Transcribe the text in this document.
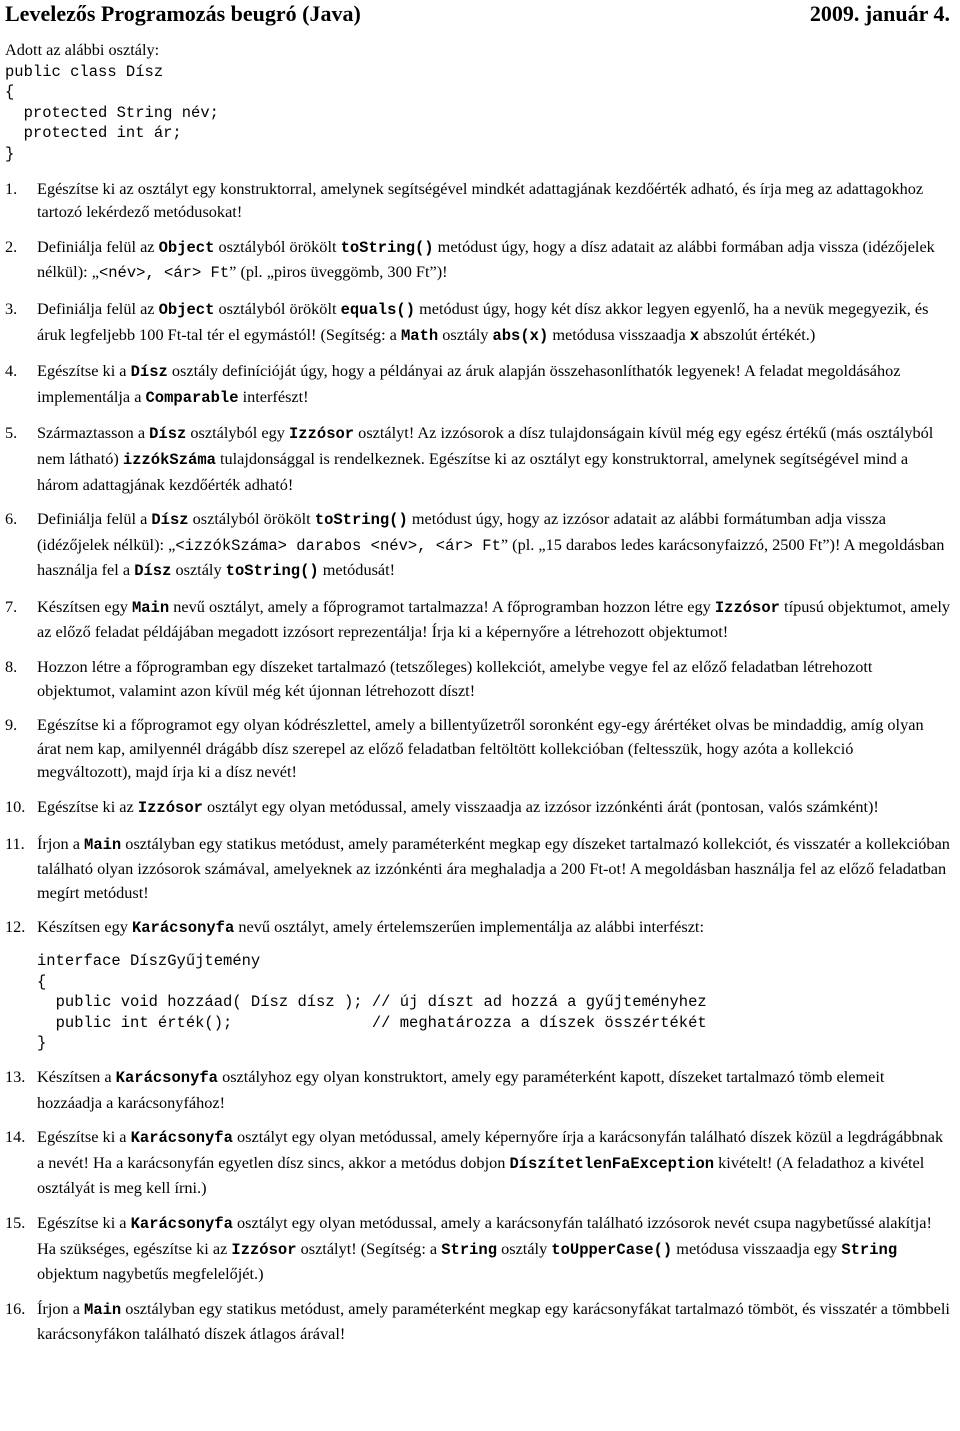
Levelezős Programozás beugró (Java)	2009. január 4.
Adott az alábbi osztály:
public class Dísz
{
protected String név;
protected int ár;
}
1. Egészítse ki az osztályt egy konstruktorral, amelynek segítségével mindkét adattagjának kezdőérték adható, és írja meg az adattagokhoz tartozó lekérdező metódusokat!
2. Definiálja felül az Object osztályból örökölt toString() metódust úgy, hogy a dísz adatait az alábbi formában adja vissza (idézőjelek nélkül): „<név>, <ár> Ft” (pl. „piros üveggömb, 300 Ft”)!
3. Definiálja felül az Object osztályból örökölt equals() metódust úgy, hogy két dísz akkor legyen egyenlő, ha a nevük megegyezik, és áruk legfeljebb 100 Ft-tal tér el egymástól! (Segítség: a Math osztály abs(x) metódusa visszaadja x abszolút értékét.)
4. Egészítse ki a Dísz osztály definícióját úgy, hogy a példányai az áruk alapján összehasonlíthatók legyenek! A feladat megoldásához implementálja a Comparable interfészt!
5. Származtasson a Dísz osztályból egy Izzósor osztályt! Az izzósorok a dísz tulajdonságain kívül még egy egész értékű (más osztályból nem látható) izzókSzáma tulajdonsággal is rendelkeznek. Egészítse ki az osztályt egy konstruktorral, amelynek segítségével mind a három adattagjának kezdőérték adható!
6. Definiálja felül a Dísz osztályból örökölt toString() metódust úgy, hogy az izzósor adatait az alábbi formátumban adja vissza (idézőjelek nélkül): „<izzókSzáma> darabos <név>, <ár> Ft” (pl. „15 darabos ledes karácsonyfaizzó, 2500 Ft”)! A megoldásban használja fel a Dísz osztály toString() metódusát!
7. Készítsen egy Main nevű osztályt, amely a főprogramot tartalmazza! A főprogramban hozzon létre egy Izzósor típusú objektumot, amely az előző feladat példájában megadott izzósort reprezentálja! Írja ki a képernyőre a létrehozott objektumot!
8. Hozzon létre a főprogramban egy díszeket tartalmazó (tetszőleges) kollekciót, amelybe vegye fel az előző feladatban létrehozott objektumot, valamint azon kívül még két újonnan létrehozott díszt!
9. Egészítse ki a főprogramot egy olyan kódrészlettel, amely a billentyűzetről soronként egy-egy árértéket olvas be mindaddig, amíg olyan árat nem kap, amilyennél drágább dísz szerepel az előző feladatban feltöltött kollekcióban (feltesszük, hogy azóta a kollekció megváltozott), majd írja ki a dísz nevét!
10. Egészítse ki az Izzósor osztályt egy olyan metódussal, amely visszaadja az izzósor izzónkénti árát (pontosan, valós számként)!
11. Írjon a Main osztályban egy statikus metódust, amely paraméterként megkap egy díszeket tartalmazó kollekciót, és visszatér a kollekcióban található olyan izzósorok számával, amelyeknek az izzónkénti ára meghaladja a 200 Ft-ot! A megoldásban használja fel az előző feladatban megírt metódust!
12. Készítsen egy Karácsonyfa nevű osztályt, amely értelemszerűen implementálja az alábbi interfészt:
interface DíszGyűjtemény
{
public void hozzáad( Dísz dísz ); // új díszt ad hozzá a gyűjteményhez
public int érték();               // meghatározza a díszek összértékét
}
13. Készítsen a Karácsonyfa osztályhoz egy olyan konstruktort, amely egy paraméterként kapott, díszeket tartalmazó tömb elemeit hozzáadja a karácsonyfához!
14. Egészítse ki a Karácsonyfa osztályt egy olyan metódussal, amely képernyőre írja a karácsonyfán található díszek közül a legdrágábbnak a nevét! Ha a karácsonyfán egyetlen dísz sincs, akkor a metódus dobjon DíszítetlenFaException kivételt! (A feladathoz a kivétel osztályát is meg kell írni.)
15. Egészítse ki a Karácsonyfa osztályt egy olyan metódussal, amely a karácsonyfán található izzósorok nevét csupa nagybetűssé alakítja! Ha szükséges, egészítse ki az Izzósor osztályt! (Segítség: a String osztály toUpperCase() metódusa visszaadja egy String objektum nagybetűs megfelelőjét.)
16. Írjon a Main osztályban egy statikus metódust, amely paraméterként megkap egy karácsonyfákat tartalmazó tömböt, és visszatér a tömbbeli karácsonyfákon található díszek átlagos árával!
